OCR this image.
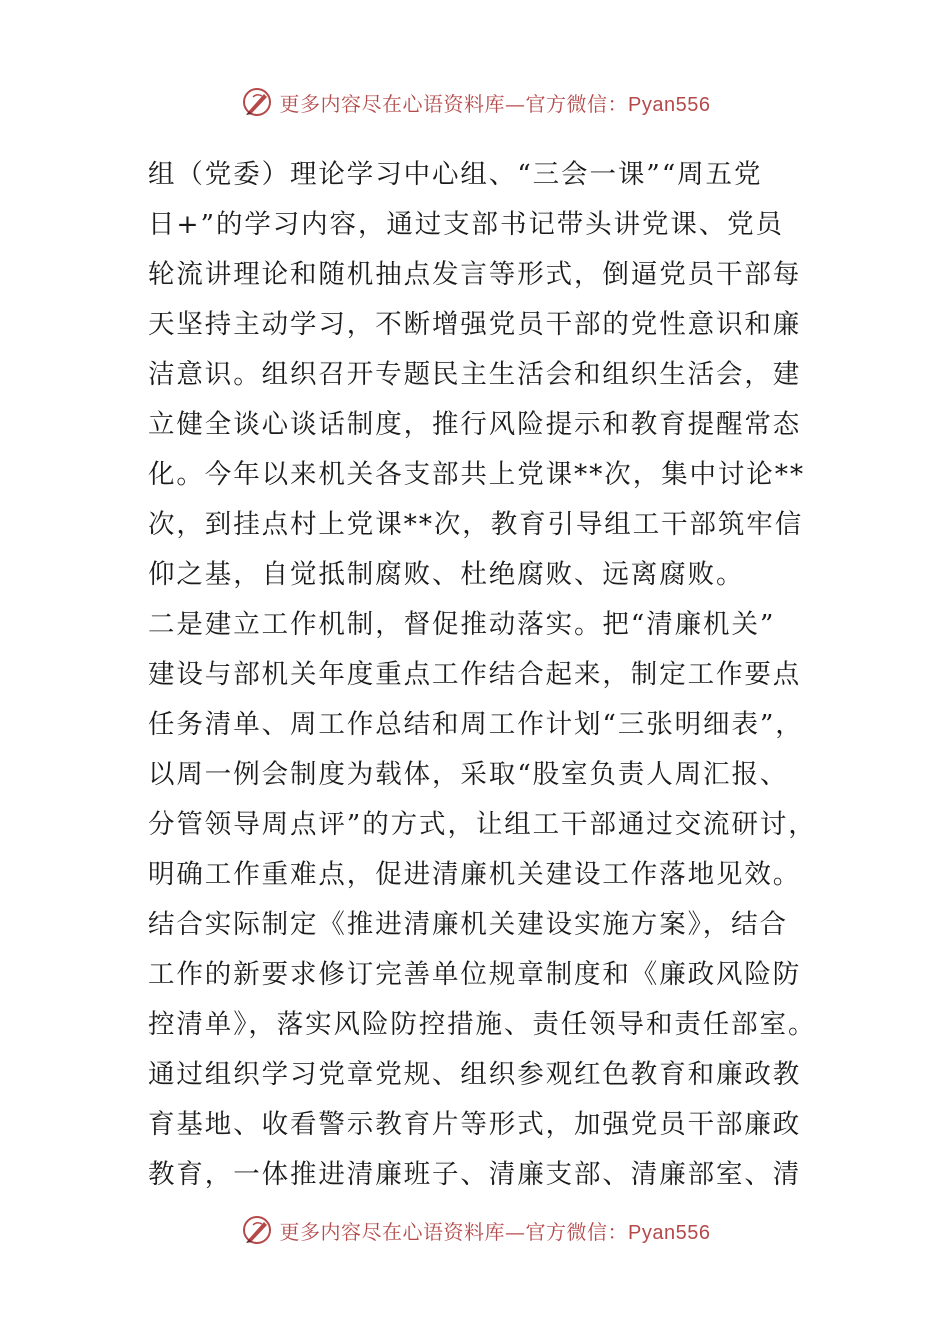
更多内容尽在心语资料库—官方微信：Pyan556
组（党委）理论学习中心组、“三会一课”“周五党
日+”的学习内容，通过支部书记带头讲党课、党员
轮流讲理论和随机抽点发言等形式，倒逼党员干部每
天坚持主动学习，不断增强党员干部的党性意识和廉
洁意识。组织召开专题民主生活会和组织生活会，建
立健全谈心谈话制度，推行风险提示和教育提醒常态
化。今年以来机关各支部共上党课**次，集中讨论**
次，到挂点村上党课**次，教育引导组工干部筑牢信
仰之基，自觉抵制腐败、杜绝腐败、远离腐败。
二是建立工作机制，督促推动落实。把“清廉机关”
建设与部机关年度重点工作结合起来，制定工作要点
任务清单、周工作总结和周工作计划“三张明细表”，
以周一例会制度为载体，采取“股室负责人周汇报、
分管领导周点评”的方式，让组工干部通过交流研讨，
明确工作重难点，促进清廉机关建设工作落地见效。
结合实际制定《推进清廉机关建设实施方案》，结合
工作的新要求修订完善单位规章制度和《廉政风险防
控清单》，落实风险防控措施、责任领导和责任部室。
通过组织学习党章党规、组织参观红色教育和廉政教
育基地、收看警示教育片等形式，加强党员干部廉政
教育，一体推进清廉班子、清廉支部、清廉部室、清
更多内容尽在心语资料库—官方微信：Pyan556
